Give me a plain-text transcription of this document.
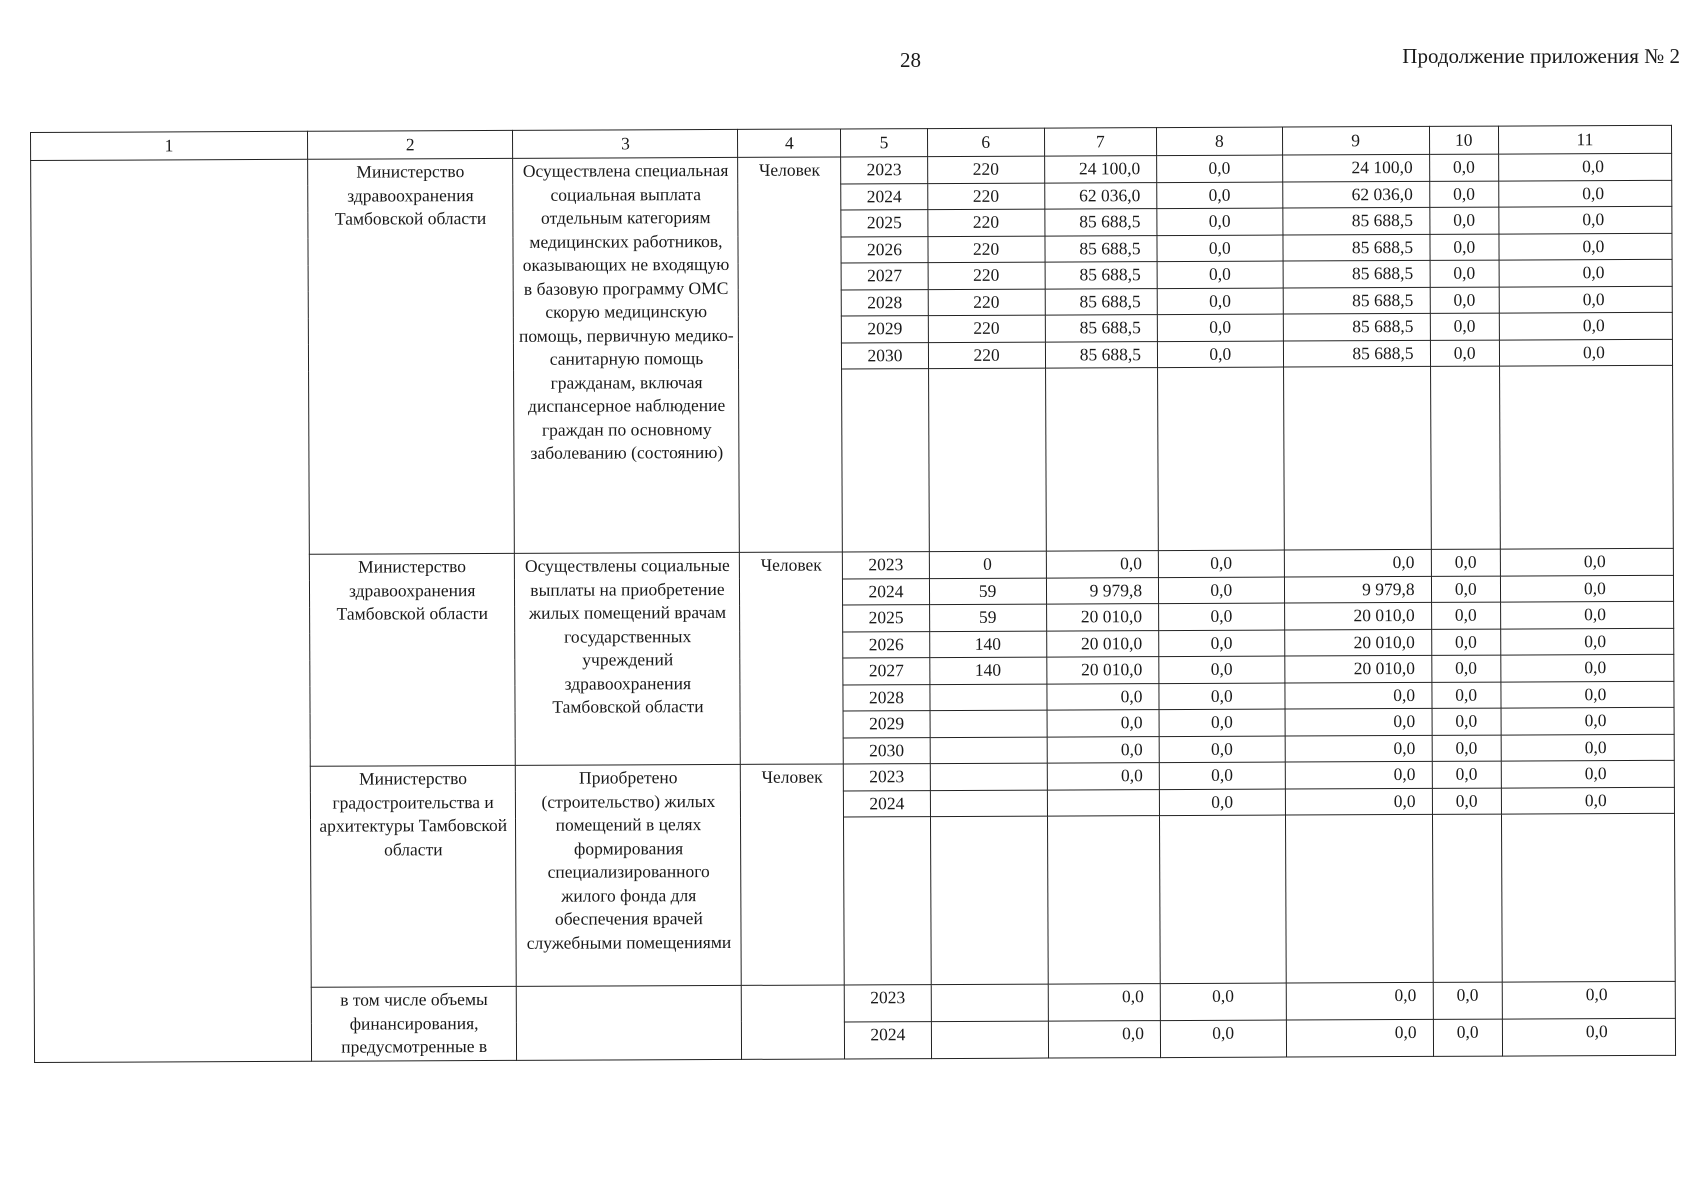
28	Продолжение приложения № 2
1	2	3	4	5	6	7	8	9	10	11
	Министерство здравоохранения Тамбовской области	Осуществлена специальная социальная выплата отдельным категориям медицинских работников, оказывающих не входящую в базовую программу ОМС скорую медицинскую помощь, первичную медико-санитарную помощь гражданам, включая диспансерное наблюдение граждан по основному заболеванию (состоянию)	Человек	2023	220	24 100,0	0,0	24 100,0	0,0	0,0
				2024	220	62 036,0	0,0	62 036,0	0,0	0,0
				2025	220	85 688,5	0,0	85 688,5	0,0	0,0
				2026	220	85 688,5	0,0	85 688,5	0,0	0,0
				2027	220	85 688,5	0,0	85 688,5	0,0	0,0
				2028	220	85 688,5	0,0	85 688,5	0,0	0,0
				2029	220	85 688,5	0,0	85 688,5	0,0	0,0
				2030	220	85 688,5	0,0	85 688,5	0,0	0,0

	Министерство здравоохранения Тамбовской области	Осуществлены социальные выплаты на приобретение жилых помещений врачам государственных учреждений здравоохранения Тамбовской области	Человек	2023	0	0,0	0,0	0,0	0,0	0,0
				2024	59	9 979,8	0,0	9 979,8	0,0	0,0
				2025	59	20 010,0	0,0	20 010,0	0,0	0,0
				2026	140	20 010,0	0,0	20 010,0	0,0	0,0
				2027	140	20 010,0	0,0	20 010,0	0,0	0,0
				2028		0,0	0,0	0,0	0,0	0,0
				2029		0,0	0,0	0,0	0,0	0,0
				2030		0,0	0,0	0,0	0,0	0,0
	Министерство градостроительства и архитектуры Тамбовской области	Приобретено (строительство) жилых помещений в целях формирования специализированного жилого фонда для обеспечения врачей служебными помещениями	Человек	2023		0,0	0,0	0,0	0,0	0,0
				2024			0,0	0,0	0,0	0,0

	в том числе объемы финансирования, предусмотренные в			2023		0,0	0,0	0,0	0,0	0,0
				2024		0,0	0,0	0,0	0,0	0,0
